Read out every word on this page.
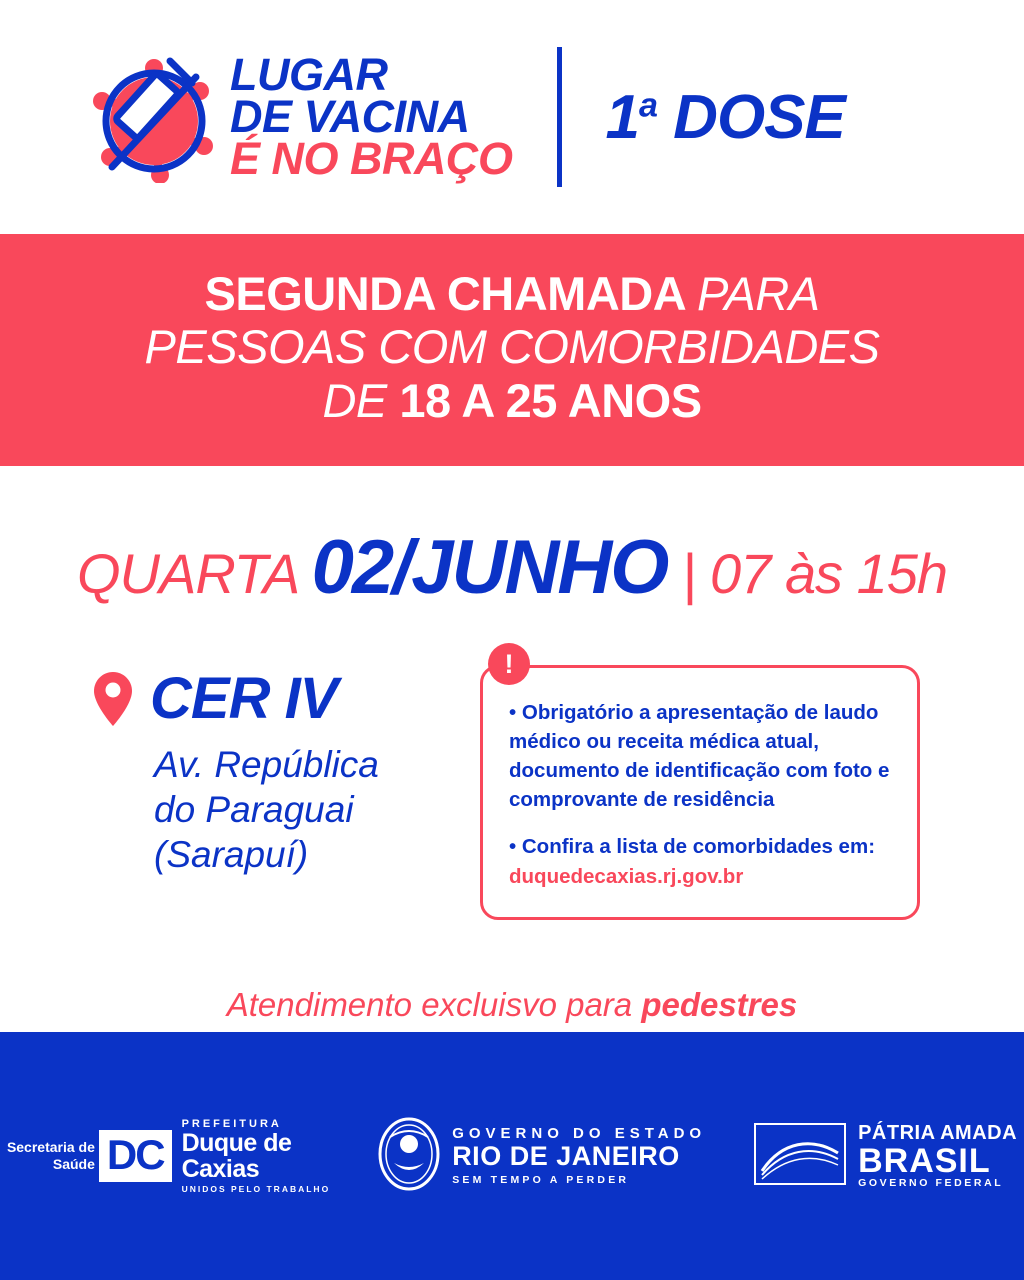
LUGAR
DE VACINA
É NO BRAÇO
1$^a$ DOSE
SEGUNDA CHAMADA PARA
PESSOAS COM COMORBIDADES
DE 18 A 25 ANOS
QUARTA 02/JUNHO | 07 às 15h
CER IV
Av. República
do Paraguai
(Sarapuí)
!

• Obrigatório a apresentação de laudo médico ou receita médica atual, documento de identificação com foto e comprovante de residência

• Confira a lista de comorbidades em: duquedecaxias.rj.gov.br

Atendimento excluisvo para pedestres
Secretaria de
Saúde DC
PREFEITURA
Duque de
Caxias
UNIDOS PELO TRABALHO
GOVERNO DO ESTADO
RIO DE JANEIRO
SEM TEMPO A PERDER
PÁTRIA AMADA
BRASIL
GOVERNO FEDERAL
